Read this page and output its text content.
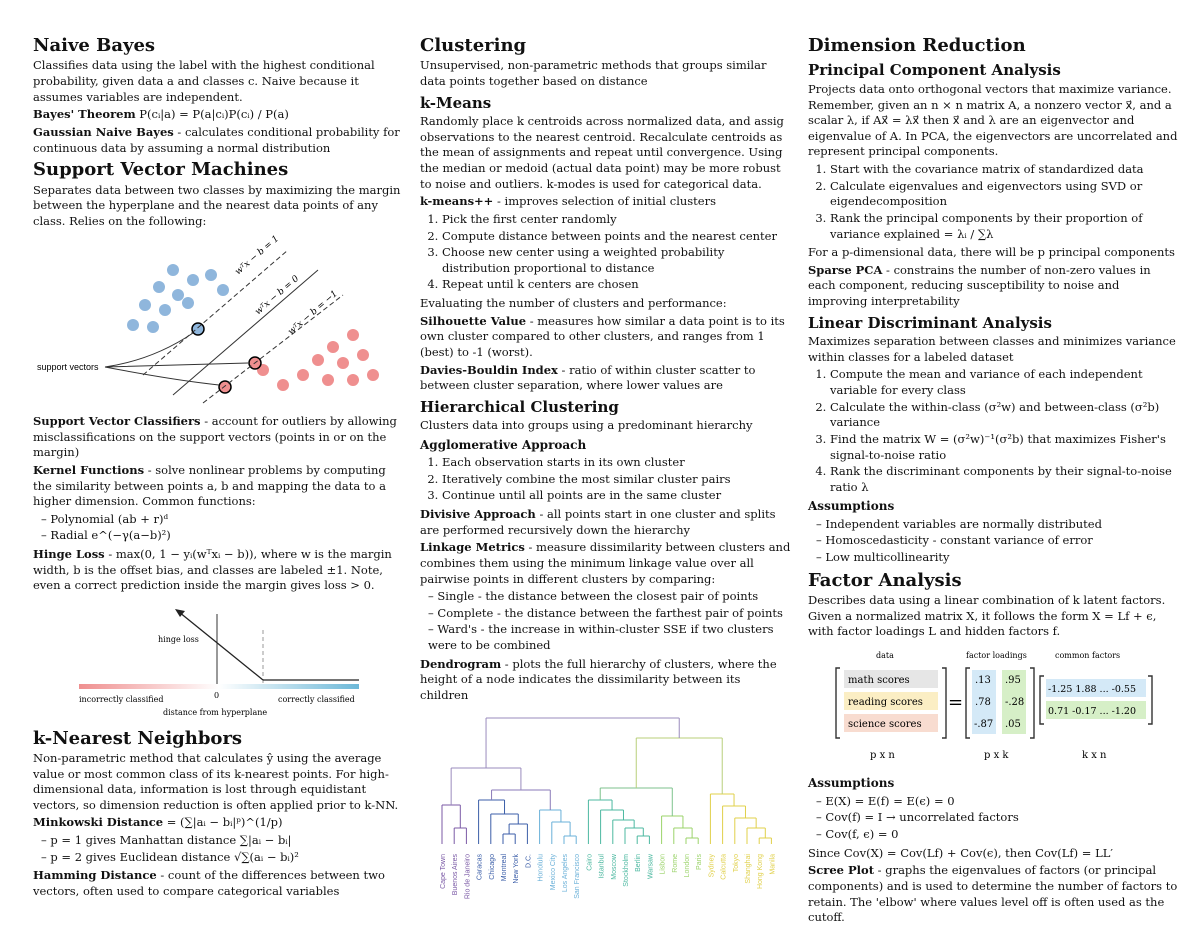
Naive Bayes

Classifies data using the label with the highest conditional probability, given data a and classes c. Naive because it assumes variables are independent.

Bayes' Theorem P(cᵢ|a) = P(a|cᵢ)P(cᵢ) / P(a)

Gaussian Naive Bayes - calculates conditional probability for continuous data by assuming a normal distribution

Support Vector Machines

Separates data between two classes by maximizing the margin between the hyperplane and the nearest data points of any class. Relies on the following:

wᵀx − b = 1
wᵀx − b = 0
wᵀx − b = −1
support vectors

Support Vector Classifiers - account for outliers by allowing misclassifications on the support vectors (points in or on the margin)

Kernel Functions - solve nonlinear problems by computing the similarity between points a, b and mapping the data to a higher dimension. Common functions:

– Polynomial (ab + r)ᵈ
– Radial e^(−γ(a−b)²)

Hinge Loss - max(0, 1 − yᵢ(wᵀxᵢ − b)), where w is the margin width, b is the offset bias, and classes are labeled ±1. Note, even a correct prediction inside the margin gives loss > 0.

hinge loss
0
incorrectly classified	correctly classified
distance from hyperplane
k-Nearest Neighbors

Non-parametric method that calculates ŷ using the average value or most common class of its k-nearest points. For high-dimensional data, information is lost through equidistant vectors, so dimension reduction is often applied prior to k-NN.

Minkowski Distance = (∑|aᵢ − bᵢ|ᵖ)^(1/p)

– p = 1 gives Manhattan distance ∑|aᵢ − bᵢ|
– p = 2 gives Euclidean distance √∑(aᵢ − bᵢ)²

Hamming Distance - count of the differences between two vectors, often used to compare categorical variables

Clustering

Unsupervised, non-parametric methods that groups similar data points together based on distance

k-Means

Randomly place k centroids across normalized data, and assig observations to the nearest centroid. Recalculate centroids as the mean of assignments and repeat until convergence. Using the median or medoid (actual data point) may be more robust to noise and outliers. k-modes is used for categorical data.

k-means++ - improves selection of initial clusters

1. Pick the first center randomly
2. Compute distance between points and the nearest center
3. Choose new center using a weighted probability distribution proportional to distance
4. Repeat until k centers are chosen

Evaluating the number of clusters and performance:

Silhouette Value - measures how similar a data point is to its own cluster compared to other clusters, and ranges from 1 (best) to -1 (worst).

Davies-Bouldin Index - ratio of within cluster scatter to between cluster separation, where lower values are

Hierarchical Clustering

Clusters data into groups using a predominant hierarchy

Agglomerative Approach
1. Each observation starts in its own cluster
2. Iteratively combine the most similar cluster pairs
3. Continue until all points are in the same cluster

Divisive Approach - all points start in one cluster and splits are performed recursively down the hierarchy

Linkage Metrics - measure dissimilarity between clusters and combines them using the minimum linkage value over all pairwise points in different clusters by comparing:

– Single - the distance between the closest pair of points
– Complete - the distance between the farthest pair of points
– Ward's - the increase in within-cluster SSE if two clusters were to be combined

Dendrogram - plots the full hierarchy of clusters, where the height of a node indicates the dissimilarity between its children

Cape Town Buenos Aires Rio de Janeiro Caracas Chicago Montreal New York D.C. Honolulu Mexico City Los Angeles San Francisco Cairo Istanbul Moscow Stockholm Berlin Warsaw Lisbon Rome London Paris Sydney Calcutta Tokyo Shanghai Hong Kong Manila
Dimension Reduction
Principal Component Analysis

Projects data onto orthogonal vectors that maximize variance. Remember, given an n × n matrix A, a nonzero vector x⃗, and a scalar λ, if Ax⃗ = λx⃗ then x⃗ and λ are an eigenvector and eigenvalue of A. In PCA, the eigenvectors are uncorrelated and represent principal components.

1. Start with the covariance matrix of standardized data
2. Calculate eigenvalues and eigenvectors using SVD or eigendecomposition
3. Rank the principal components by their proportion of variance explained = λᵢ / ∑λ

For a p-dimensional data, there will be p principal components

Sparse PCA - constrains the number of non-zero values in each component, reducing susceptibility to noise and improving interpretability

Linear Discriminant Analysis

Maximizes separation between classes and minimizes variance within classes for a labeled dataset

1. Compute the mean and variance of each independent variable for every class
2. Calculate the within-class (σ²w) and between-class (σ²b) variance
3. Find the matrix W = (σ²w)⁻¹(σ²b) that maximizes Fisher's signal-to-noise ratio
4. Rank the discriminant components by their signal-to-noise ratio λ
Assumptions
– Independent variables are normally distributed
– Homoscedasticity - constant variance of error
– Low multicollinearity
Factor Analysis

Describes data using a linear combination of k latent factors. Given a normalized matrix X, it follows the form X = Lf + ϵ, with factor loadings L and hidden factors f.

data	factor loadings	common factors
math scores
reading scores
science scores
=
.13 .95
.78 -.28
-.87 .05
-1.25 1.88 ... -0.55
0.71 -0.17 ... -1.20
p x n	p x k	k x n
Assumptions
– E(X) = E(f) = E(ϵ) = 0
– Cov(f) = I → uncorrelated factors
– Cov(f, ϵ) = 0

Since Cov(X) = Cov(Lf) + Cov(ϵ), then Cov(Lf) = LL′

Scree Plot - graphs the eigenvalues of factors (or principal components) and is used to determine the number of factors to retain. The 'elbow' where values level off is often used as the cutoff.
